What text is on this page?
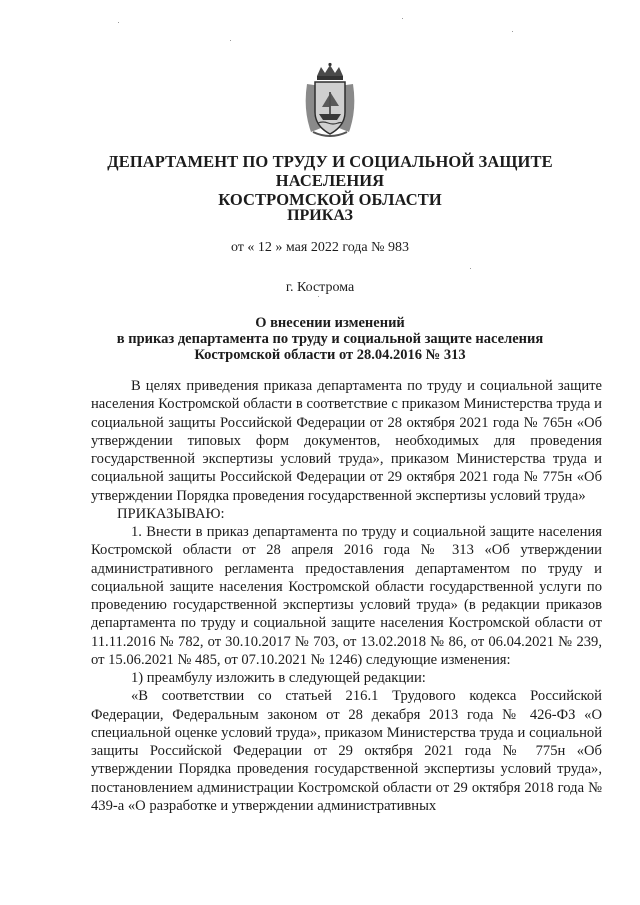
ДЕПАРТАМЕНТ ПО ТРУДУ И СОЦИАЛЬНОЙ ЗАЩИТЕ НАСЕЛЕНИЯ
КОСТРОМСКОЙ ОБЛАСТИ
ПРИКАЗ
от « 12 » мая 2022 года № 983
г. Кострома
О внесении изменений
в приказ департамента по труду и социальной защите населения
Костромской области от 28.04.2016 № 313

В целях приведения приказа департамента по труду и социальной защите населения Костромской области в соответствие с приказом Министерства труда и социальной защиты Российской Федерации от 28 октября 2021 года № 765н «Об утверждении типовых форм документов, необходимых для проведения государственной экспертизы условий труда», приказом Министерства труда и социальной защиты Российской Федерации от 29 октября 2021 года № 775н «Об утверждении Порядка проведения государственной экспертизы условий труда»

ПРИКАЗЫВАЮ:

1. Внести в приказ департамента по труду и социальной защите населения Костромской области от 28 апреля 2016 года № 313 «Об утверждении административного регламента предоставления департаментом по труду и социальной защите населения Костромской области государственной услуги по проведению государственной экспертизы условий труда» (в редакции приказов департамента по труду и социальной защите населения Костромской области от 11.11.2016 № 782, от 30.10.2017 № 703, от 13.02.2018 № 86, от 06.04.2021 № 239, от 15.06.2021 № 485, от 07.10.2021 № 1246) следующие изменения:

1) преамбулу изложить в следующей редакции:

«В соответствии со статьей 216.1 Трудового кодекса Российской Федерации, Федеральным законом от 28 декабря 2013 года № 426-ФЗ «О специальной оценке условий труда», приказом Министерства труда и социальной защиты Российской Федерации от 29 октября 2021 года № 775н «Об утверждении Порядка проведения государственной экспертизы условий труда», постановлением администрации Костромской области от 29 октября 2018 года № 439-а «О разработке и утверждении административных
